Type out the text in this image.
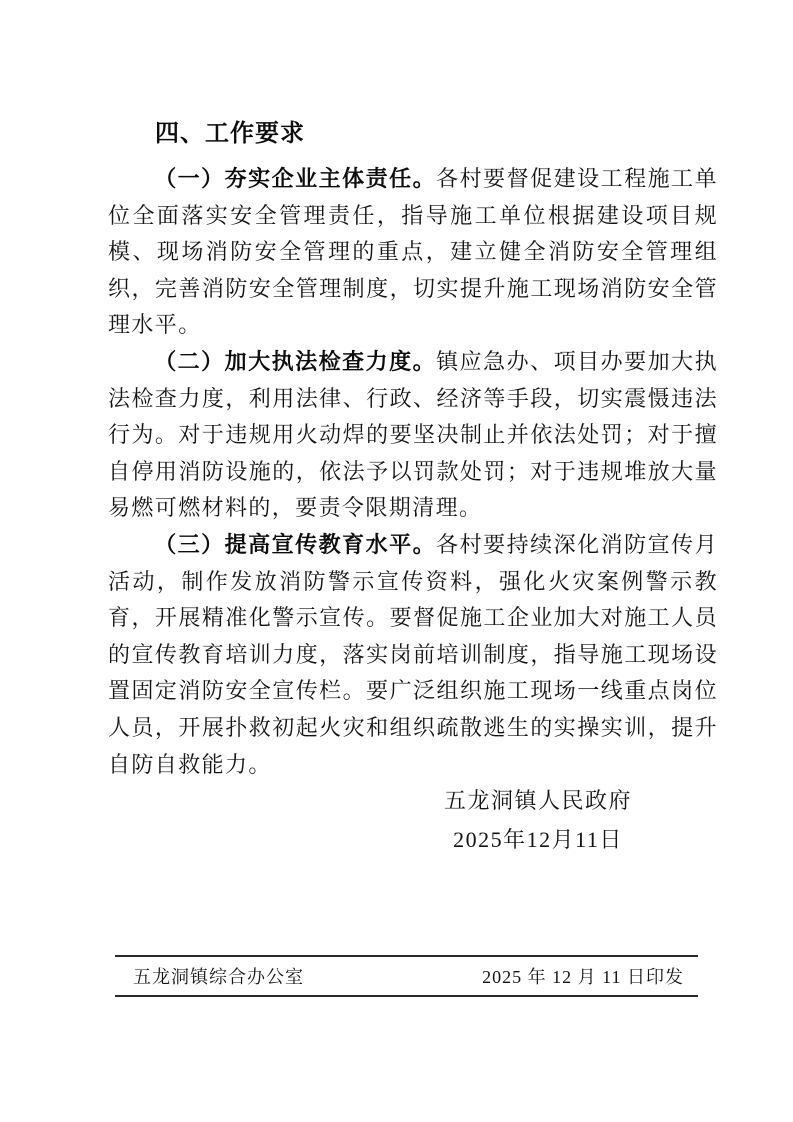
四、工作要求

（一）夯实企业主体责任。各村要督促建设工程施工单位全面落实安全管理责任，指导施工单位根据建设项目规模、现场消防安全管理的重点，建立健全消防安全管理组织，完善消防安全管理制度，切实提升施工现场消防安全管理水平。

（二）加大执法检查力度。镇应急办、项目办要加大执法检查力度，利用法律、行政、经济等手段，切实震慑违法行为。对于违规用火动焊的要坚决制止并依法处罚；对于擅自停用消防设施的，依法予以罚款处罚；对于违规堆放大量易燃可燃材料的，要责令限期清理。

（三）提高宣传教育水平。各村要持续深化消防宣传月活动，制作发放消防警示宣传资料，强化火灾案例警示教育，开展精准化警示宣传。要督促施工企业加大对施工人员的宣传教育培训力度，落实岗前培训制度，指导施工现场设置固定消防安全宣传栏。要广泛组织施工现场一线重点岗位人员，开展扑救初起火灾和组织疏散逃生的实操实训，提升自防自救能力。

五龙洞镇人民政府
2025年12月11日
五龙洞镇综合办公室	2025 年 12 月 11 日印发
